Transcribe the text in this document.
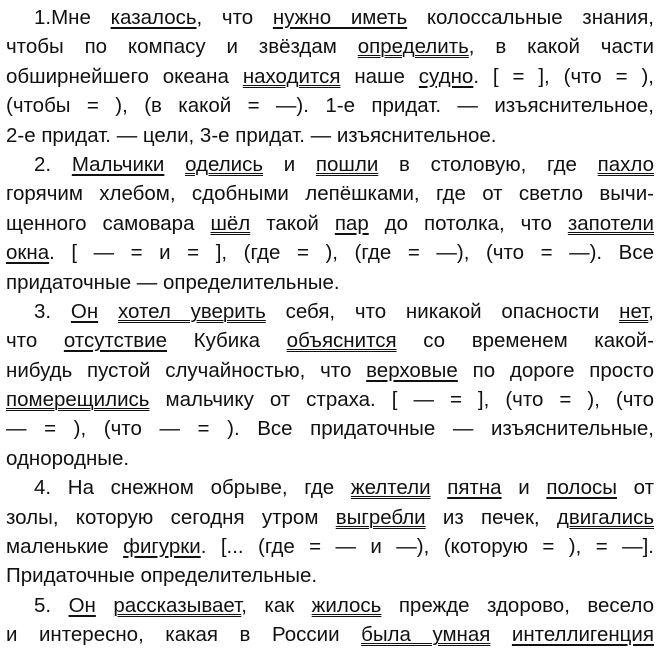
1.Мне казалось, что нужно иметь колоссальные знания,
чтобы по компасу и звёздам определить, в какой части
обширнейшего океана находится наше судно. [ = ], (что = ),
(чтобы = ), (в какой = —). 1-е придат. — изъяснительное,
2-е придат. — цели, 3-е придат. — изъяснительное.
2. Мальчики оделись и пошли в столовую, где пахло
горячим хлебом, сдобными лепёшками, где от светло вычи-
щенного самовара шёл такой пар до потолка, что запотели
окна. [ — = и = ], (где = ), (где = —), (что = —). Все
придаточные — определительные.
3. Он хотел уверить себя, что никакой опасности нет,
что отсутствие Кубика объяснится со временем какой-
нибудь пустой случайностью, что верховые по дороге просто
померещились мальчику от страха. [ — = ], (что = ), (что
— = ), (что — = ). Все придаточные — изъяснительные,
однородные.
4. На снежном обрыве, где желтели пятна и полосы от
золы, которую сегодня утром выгребли из печек, двигались
маленькие фигурки. [... (где = — и —), (которую = ), = —].
Придаточные определительные.
5. Он рассказывает, как жилось прежде здорово, весело
и интересно, какая в России была умная интеллигенция
